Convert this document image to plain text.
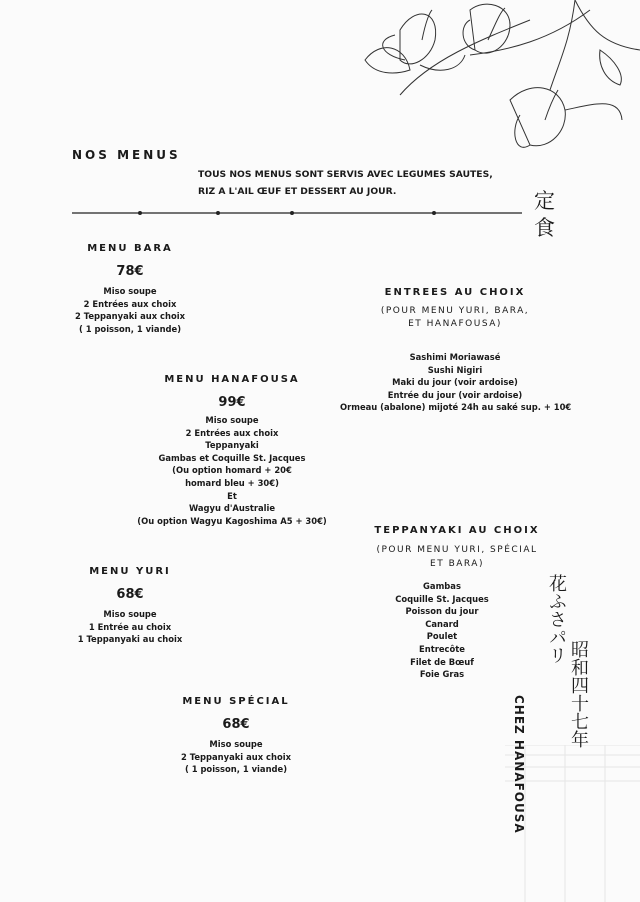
NOS MENUS
TOUS NOS MENUS SONT SERVIS AVEC LEGUMES SAUTES,
RIZ A L'AIL ŒUF ET DESSERT AU JOUR.	定
食
MENU BARA
78€
Miso soupe
2 Entrées aux choix
2 Teppanyaki aux choix
( 1 poisson, 1 viande)
MENU HANAFOUSA
99€
Miso soupe
2 Entrées aux choix
Teppanyaki
Gambas et Coquille St. Jacques
(Ou option homard + 20€
homard bleu + 30€)
Et
Wagyu d'Australie
(Ou option Wagyu Kagoshima A5 + 30€)
MENU YURI
68€
Miso soupe
1 Entrée au choix
1 Teppanyaki au choix
MENU SPÉCIAL
68€
Miso soupe
2 Teppanyaki aux choix
( 1 poisson, 1 viande)
ENTREES AU CHOIX
(POUR MENU YURI, BARA,
ET HANAFOUSA)
Sashimi Moriawasé
Sushi Nigiri
Maki du jour (voir ardoise)
Entrée du jour (voir ardoise)
Ormeau (abalone) mijoté 24h au saké sup. + 10€
TEPPANYAKI AU CHOIX
(POUR MENU YURI, SPÉCIAL
ET BARA)
Gambas
Coquille St. Jacques
Poisson du jour
Canard
Poulet
Entrecôte
Filet de Bœuf
Foie Gras
花ふさパリ
昭和四十七年
CHEZ HANAFOUSA
